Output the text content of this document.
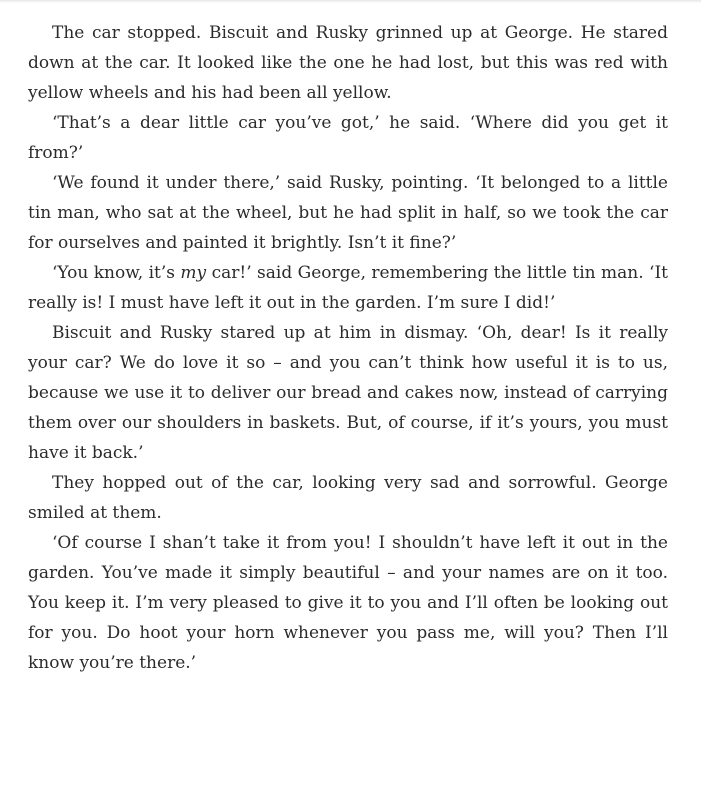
The car stopped. Biscuit and Rusky grinned up at George. He stared down at the car. It looked like the one he had lost, but this was red with yellow wheels and his had been all yellow.

‘That’s a dear little car you’ve got,’ he said. ‘Where did you get it from?’

‘We found it under there,’ said Rusky, pointing. ‘It belonged to a little tin man, who sat at the wheel, but he had split in half, so we took the car for ourselves and painted it brightly. Isn’t it fine?’

‘You know, it’s my car!’ said George, remembering the little tin man. ‘It really is! I must have left it out in the garden. I’m sure I did!’

Biscuit and Rusky stared up at him in dismay. ‘Oh, dear! Is it really your car? We do love it so – and you can’t think how useful it is to us, because we use it to deliver our bread and cakes now, instead of carrying them over our shoulders in baskets. But, of course, if it’s yours, you must have it back.’

They hopped out of the car, looking very sad and sorrowful. George smiled at them.

‘Of course I shan’t take it from you! I shouldn’t have left it out in the garden. You’ve made it simply beautiful – and your names are on it too. You keep it. I’m very pleased to give it to you and I’ll often be looking out for you. Do hoot your horn whenever you pass me, will you? Then I’ll know you’re there.’
